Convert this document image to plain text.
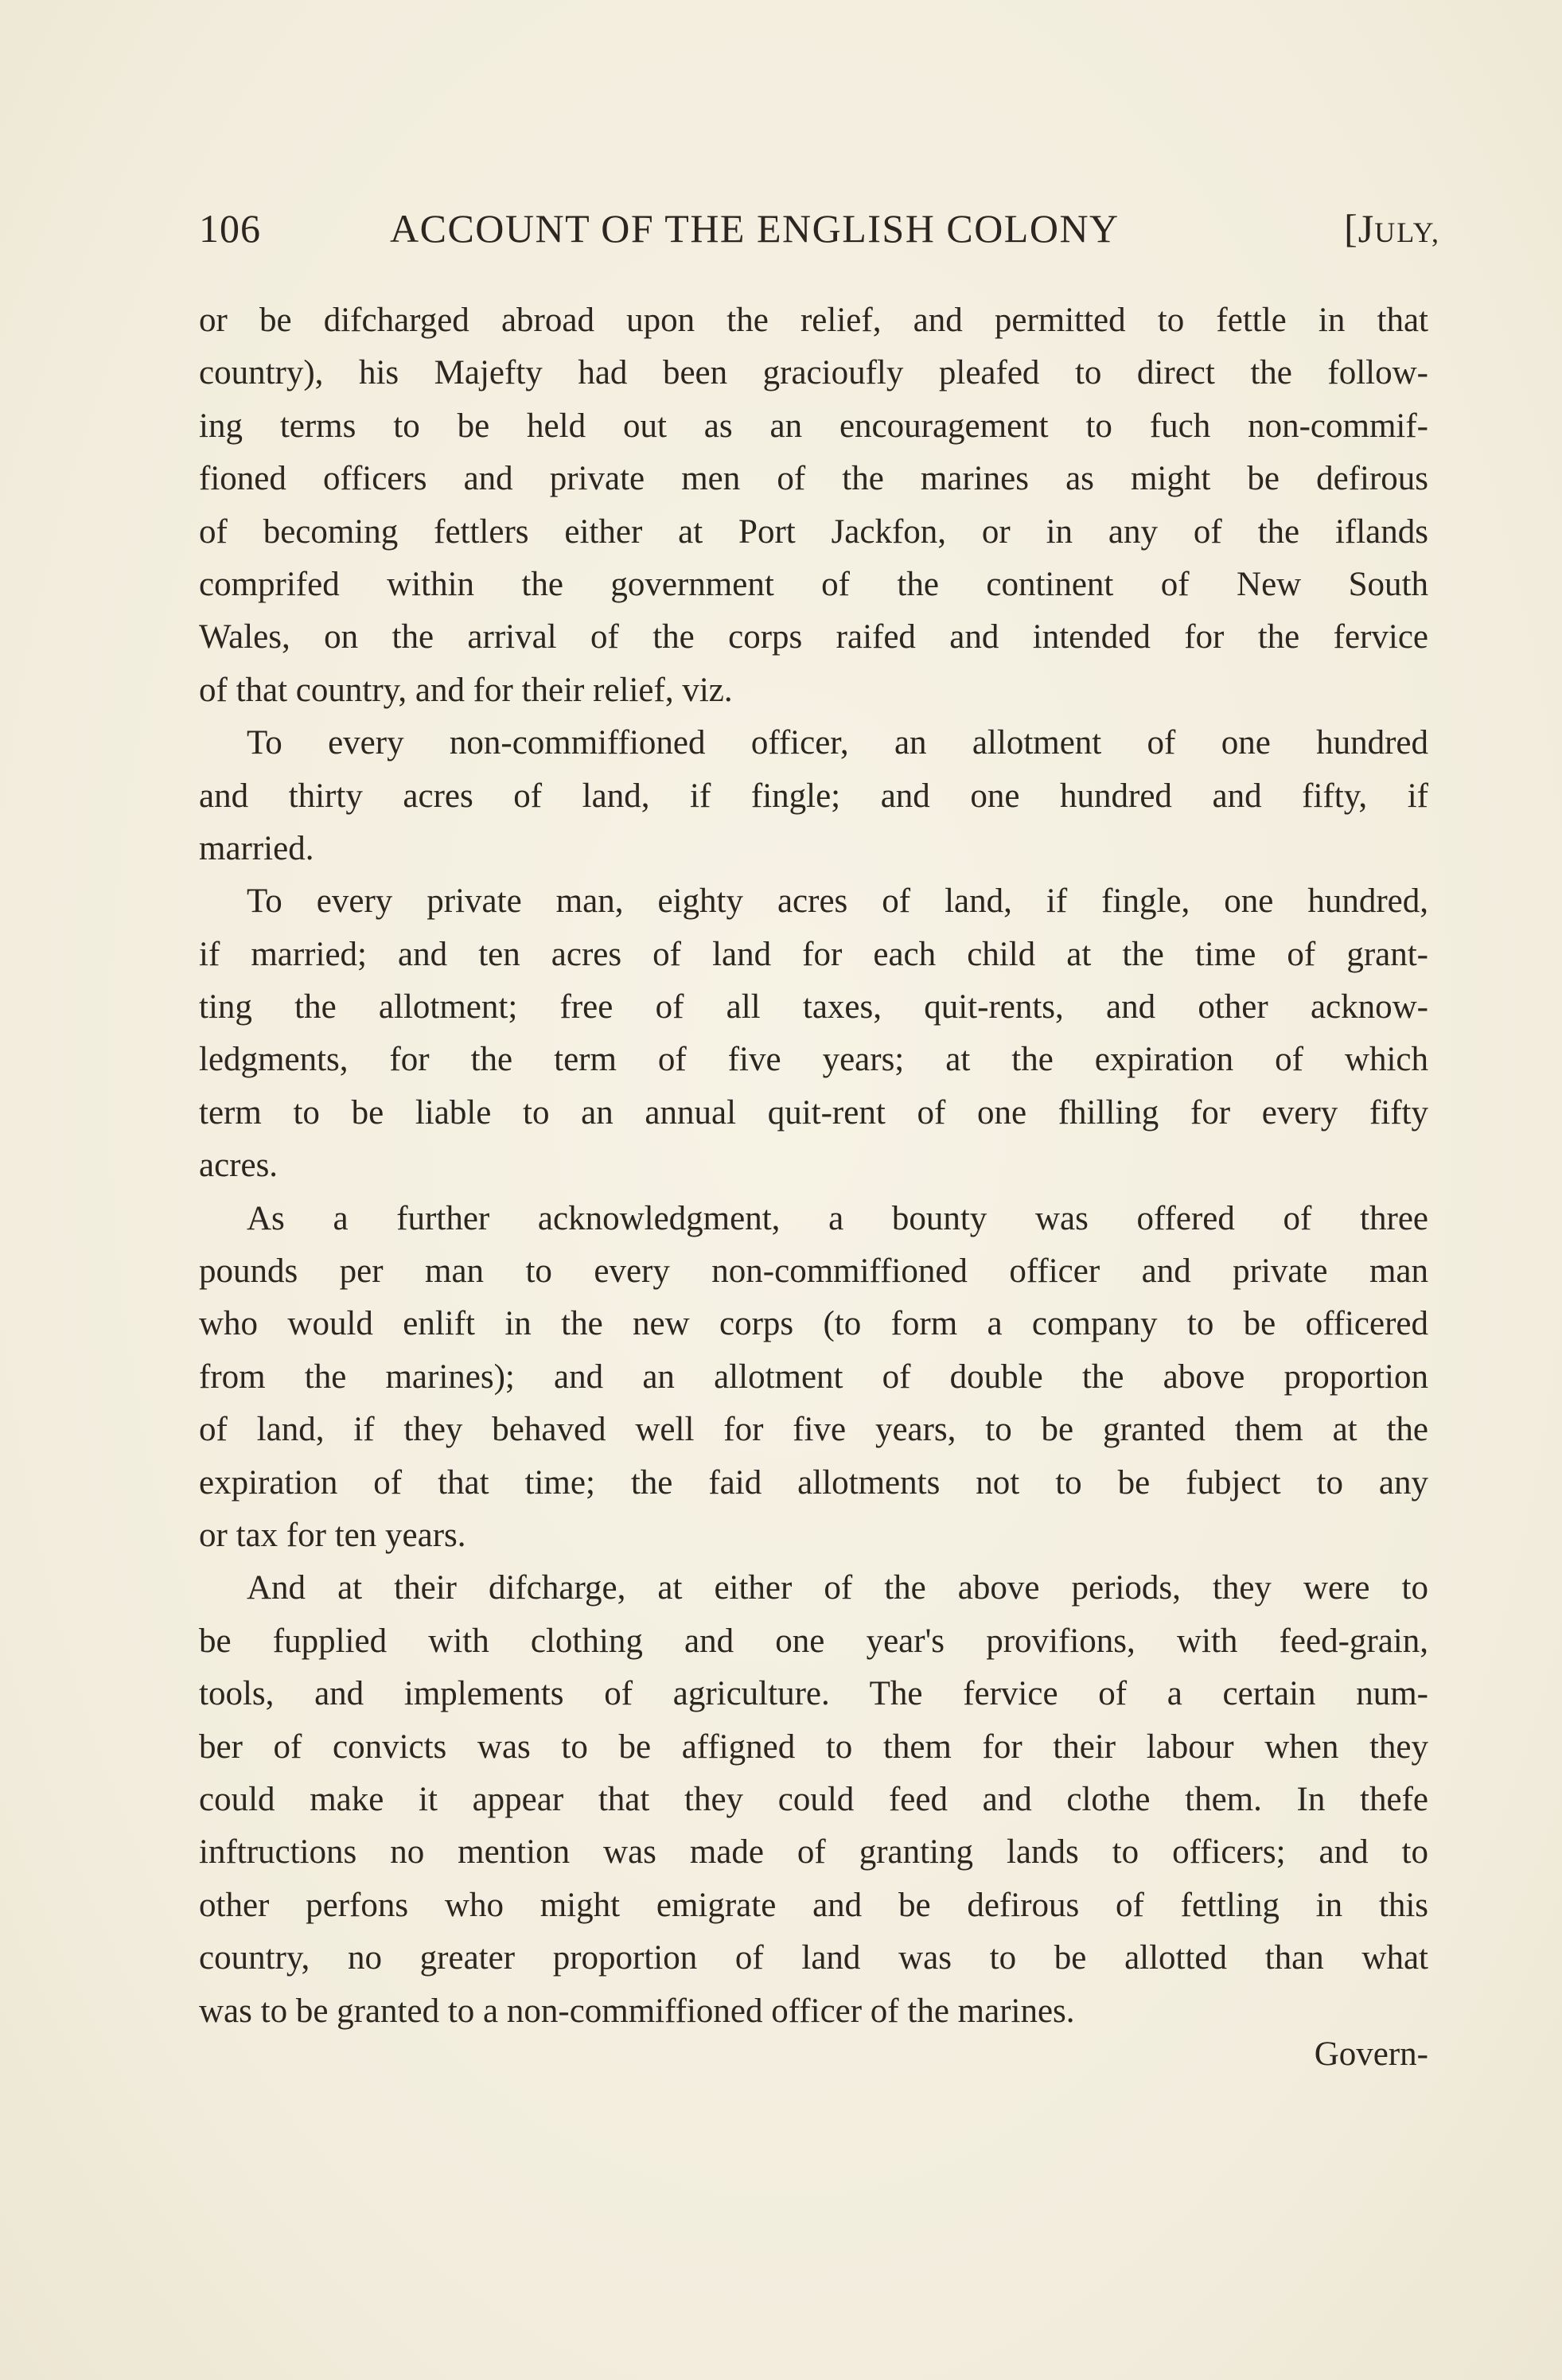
106	ACCOUNT OF THE ENGLISH COLONY	[JULY,
or be difcharged abroad upon the relief, and permitted to fettle in that
country), his Majefty had been gracioufly pleafed to direct the follow-
ing terms to be held out as an encouragement to fuch non-commif-
fioned officers and private men of the marines as might be defirous
of becoming fettlers either at Port Jackfon, or in any of the iflands
comprifed within the government of the continent of New South
Wales, on the arrival of the corps raifed and intended for the fervice
of that country, and for their relief, viz.
To every non-commiffioned officer, an allotment of one hundred
and thirty acres of land, if fingle; and one hundred and fifty, if
married.
To every private man, eighty acres of land, if fingle, one hundred,
if married; and ten acres of land for each child at the time of grant-
ting the allotment; free of all taxes, quit-rents, and other acknow-
ledgments, for the term of five years; at the expiration of which
term to be liable to an annual quit-rent of one fhilling for every fifty
acres.
As a further acknowledgment, a bounty was offered of three
pounds per man to every non-commiffioned officer and private man
who would enlift in the new corps (to form a company to be officered
from the marines); and an allotment of double the above proportion
of land, if they behaved well for five years, to be granted them at the
expiration of that time; the faid allotments not to be fubject to any
or tax for ten years.
And at their difcharge, at either of the above periods, they were to
be fupplied with clothing and one year's provifions, with feed-grain,
tools, and implements of agriculture. The fervice of a certain num-
ber of convicts was to be affigned to them for their labour when they
could make it appear that they could feed and clothe them. In thefe
inftructions no mention was made of granting lands to officers; and to
other perfons who might emigrate and be defirous of fettling in this
country, no greater proportion of land was to be allotted than what
was to be granted to a non-commiffioned officer of the marines.
Govern-
